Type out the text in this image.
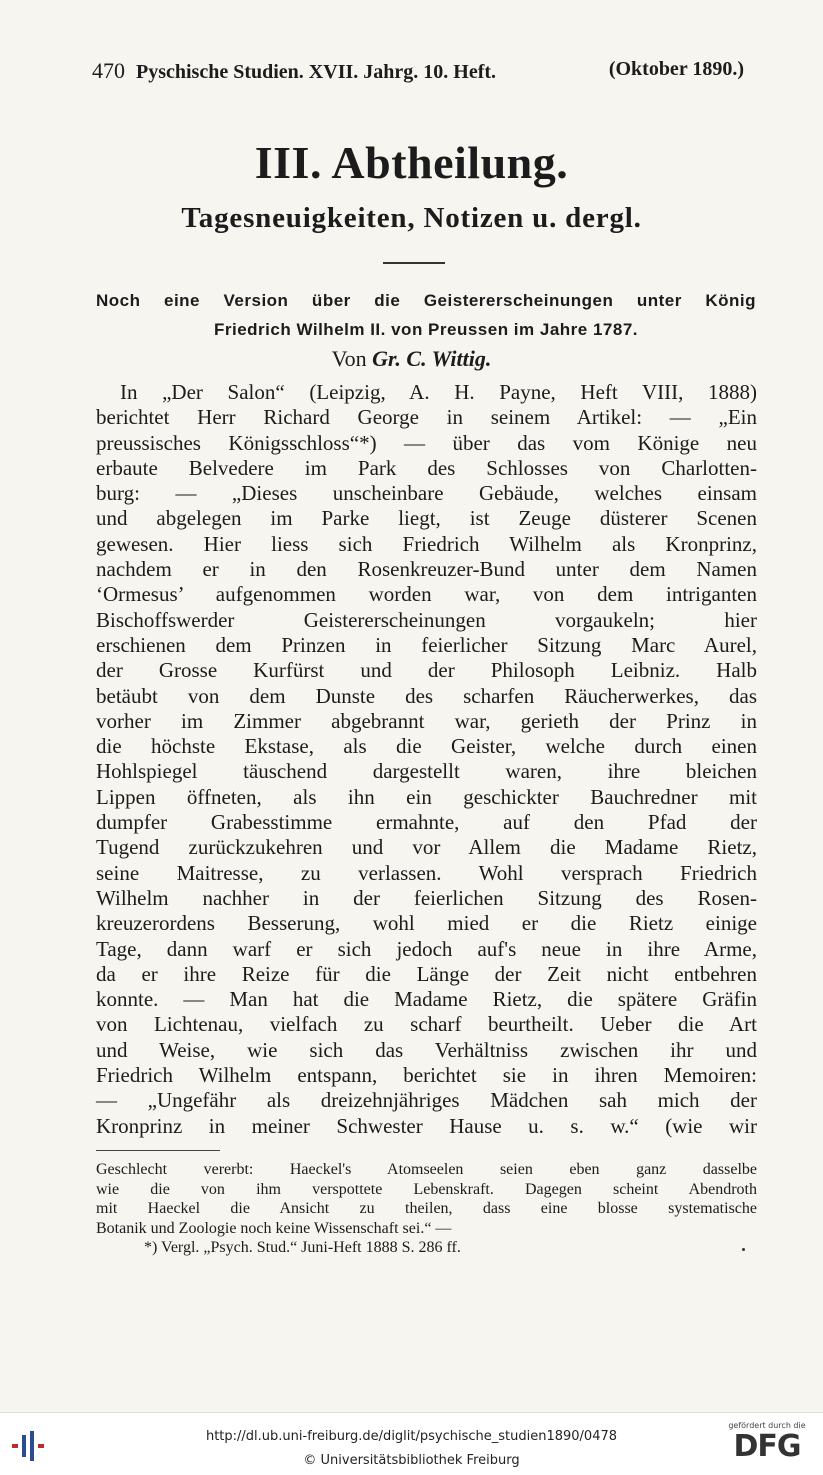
470 Pyschische Studien. XVII. Jahrg. 10. Heft.	(Oktober 1890.)
III. Abtheilung.
Tagesneuigkeiten, Notizen u. dergl.
Noch eine Version über die Geistererscheinungen unter König
Friedrich Wilhelm II. von Preussen im Jahre 1787.
Von Gr. C. Wittig.
In „Der Salon“ (Leipzig, A. H. Payne, Heft VIII, 1888)
berichtet Herr Richard George in seinem Artikel: — „Ein
preussisches Königsschloss“*) — über das vom Könige neu
erbaute Belvedere im Park des Schlosses von Charlotten-
burg: — „Dieses unscheinbare Gebäude, welches einsam
und abgelegen im Parke liegt, ist Zeuge düsterer Scenen
gewesen. Hier liess sich Friedrich Wilhelm als Kronprinz,
nachdem er in den Rosenkreuzer-Bund unter dem Namen
‘Ormesus’ aufgenommen worden war, von dem intriganten
Bischoffswerder Geistererscheinungen vorgaukeln; hier
erschienen dem Prinzen in feierlicher Sitzung Marc Aurel,
der Grosse Kurfürst und der Philosoph Leibniz. Halb
betäubt von dem Dunste des scharfen Räucherwerkes, das
vorher im Zimmer abgebrannt war, gerieth der Prinz in
die höchste Ekstase, als die Geister, welche durch einen
Hohlspiegel täuschend dargestellt waren, ihre bleichen
Lippen öffneten, als ihn ein geschickter Bauchredner mit
dumpfer Grabesstimme ermahnte, auf den Pfad der
Tugend zurückzukehren und vor Allem die Madame Rietz,
seine Maitresse, zu verlassen. Wohl versprach Friedrich
Wilhelm nachher in der feierlichen Sitzung des Rosen-
kreuzerordens Besserung, wohl mied er die Rietz einige
Tage, dann warf er sich jedoch auf's neue in ihre Arme,
da er ihre Reize für die Länge der Zeit nicht entbehren
konnte. — Man hat die Madame Rietz, die spätere Gräfin
von Lichtenau, vielfach zu scharf beurtheilt. Ueber die Art
und Weise, wie sich das Verhältniss zwischen ihr und
Friedrich Wilhelm entspann, berichtet sie in ihren Memoiren:
— „Ungefähr als dreizehnjähriges Mädchen sah mich der
Kronprinz in meiner Schwester Hause u. s. w.“ (wie wir
Geschlecht vererbt: Haeckel's Atomseelen seien eben ganz dasselbe
wie die von ihm verspottete Lebenskraft. Dagegen scheint Abendroth
mit Haeckel die Ansicht zu theilen, dass eine blosse systematische
Botanik und Zoologie noch keine Wissenschaft sei.“ —
*) Vergl. „Psych. Stud.“ Juni-Heft 1888 S. 286 ff.
http://dl.ub.uni-freiburg.de/diglit/psychische_studien1890/0478
© Universitätsbibliothek Freiburg
gefördert durch die
DFG
